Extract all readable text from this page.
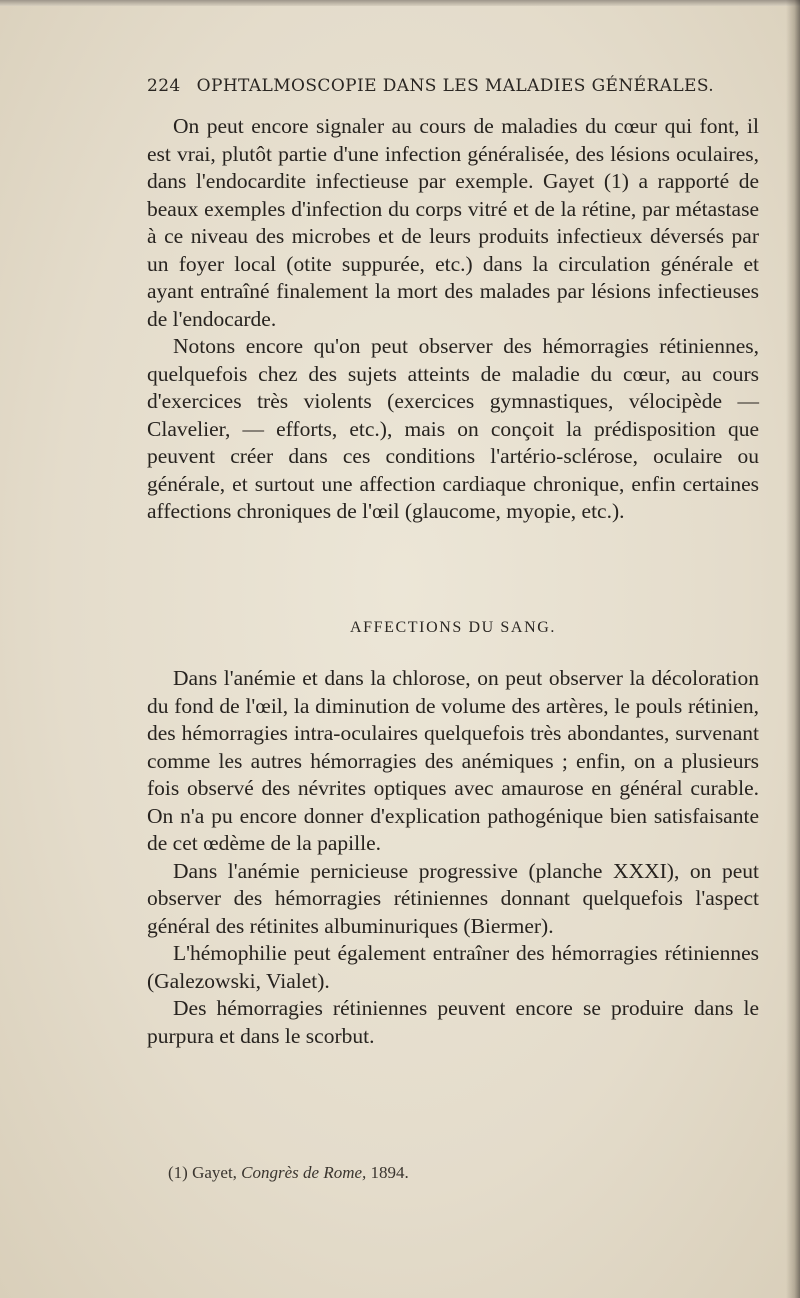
224 OPHTALMOSCOPIE DANS LES MALADIES GÉNÉRALES.

On peut encore signaler au cours de maladies du cœur qui font, il est vrai, plutôt partie d'une infection généralisée, des lésions oculaires, dans l'endocardite infectieuse par exemple. Gayet (1) a rapporté de beaux exemples d'infection du corps vitré et de la rétine, par métastase à ce niveau des microbes et de leurs produits infectieux déversés par un foyer local (otite suppurée, etc.) dans la circulation générale et ayant entraîné finalement la mort des malades par lésions infectieuses de l'endocarde.

Notons encore qu'on peut observer des hémorragies rétiniennes, quelquefois chez des sujets atteints de maladie du cœur, au cours d'exercices très violents (exercices gymnastiques, vélocipède — Clavelier, — efforts, etc.), mais on conçoit la prédisposition que peuvent créer dans ces conditions l'artério-sclérose, oculaire ou générale, et surtout une affection cardiaque chronique, enfin certaines affections chroniques de l'œil (glaucome, myopie, etc.).

AFFECTIONS DU SANG.

Dans l'anémie et dans la chlorose, on peut observer la décoloration du fond de l'œil, la diminution de volume des artères, le pouls rétinien, des hémorragies intra-oculaires quelquefois très abondantes, survenant comme les autres hémorragies des anémiques ; enfin, on a plusieurs fois observé des névrites optiques avec amaurose en général curable. On n'a pu encore donner d'explication pathogénique bien satisfaisante de cet œdème de la papille.

Dans l'anémie pernicieuse progressive (planche XXXI), on peut observer des hémorragies rétiniennes donnant quelquefois l'aspect général des rétinites albuminuriques (Biermer).

L'hémophilie peut également entraîner des hémorragies rétiniennes (Galezowski, Vialet).

Des hémorragies rétiniennes peuvent encore se produire dans le purpura et dans le scorbut.

(1) Gayet, Congrès de Rome, 1894.
